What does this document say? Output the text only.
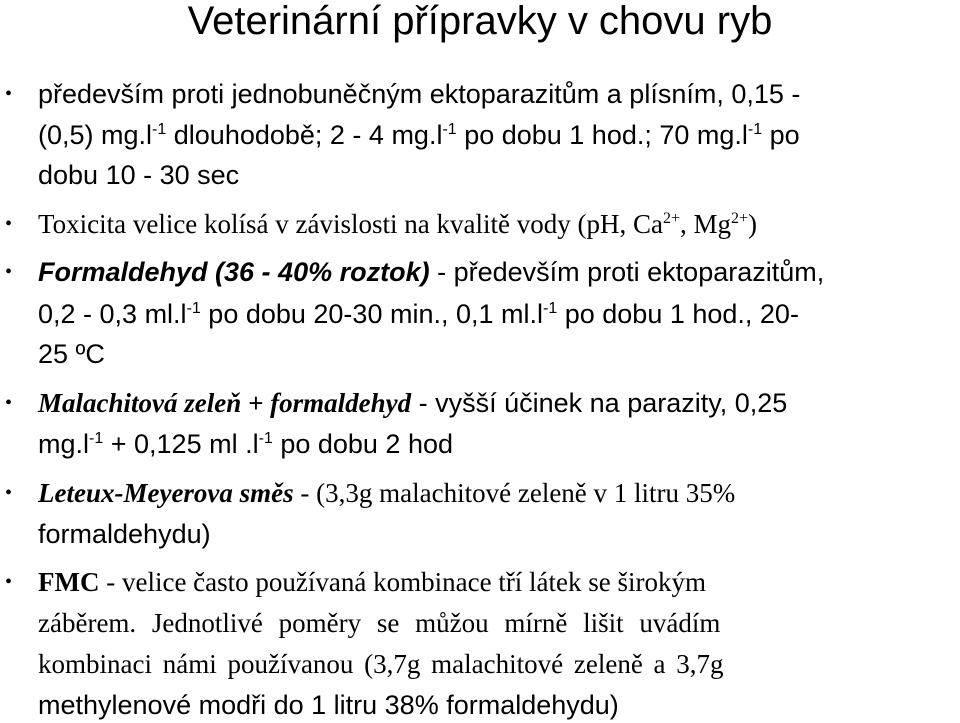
Veterinární přípravky v chovu ryb
• především proti jednobuněčným ektoparazitům a plísním, 0,15 -
(0,5) $mg.l^{-1}$ dlouhodobě; 2 - 4 $mg.l^{-1}$ po dobu 1 hod.; 70 $mg.l^{-1}$ po
dobu 10 - 30 sec
• Toxicita velice kolísá v závislosti na kvalitě vody (pH, $Ca^{2+}$, $Mg^{2+}$)
• Formaldehyd (36 - 40% roztok) - především proti ektoparazitům,
0,2 - 0,3 $ml.l^{-1}$ po dobu 20-30 min., 0,1 $ml.l^{-1}$ po dobu 1 hod., 20-
25 ºC
• Malachitová zeleň + formaldehyd - vyšší účinek na parazity, 0,25
$mg.l^{-1} + 0,125$ ml $.l^{-1}$ po dobu 2 hod
• Leteux-Meyerova směs - (3,3g malachitové zeleně v 1 litru 35%
formaldehydu)
• FMC - velice často používaná kombinace tří látek se širokým
záběrem. Jednotlivé poměry se můžou mírně lišit uvádím
kombinaci námi používanou (3,7g malachitové zeleně a 3,7g
methylenové modři do 1 litru 38% formaldehydu)
